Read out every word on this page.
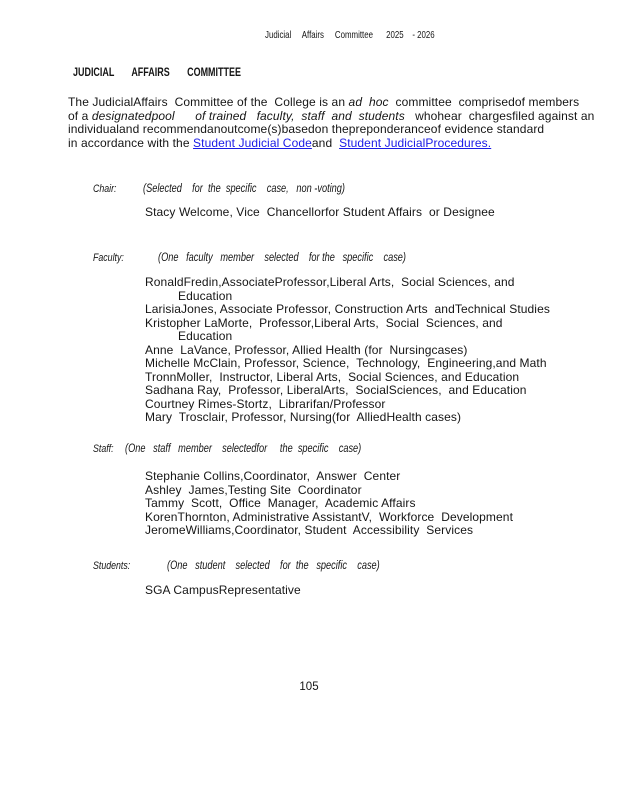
Judicial     Affairs     Committee      2025    - 2026
JUDICIAL       AFFAIRS       COMMITTEE
The JudicialAffairs  Committee of the  College is an ad  hoc  committee  comprisedof members
of a designatedpool      of trained   faculty,  staff  and  students   whohear  chargesfiled against an
individualand recommendanoutcome(s)basedon thepreponderanceof evidence standard
in accordance with the Student Judicial Codeand  Student JudicialProcedures.
Chair: (Selected    for  the  specific    case,   non -voting)
Stacy Welcome, Vice  Chancellorfor Student Affairs  or Designee
Faculty:	(One   faculty   member    selected    for the   specific    case)
RonaldFredin,AssociateProfessor,Liberal Arts,  Social Sciences, and
Education
LarisiaJones, Associate Professor, Construction Arts  andTechnical Studies
Kristopher LaMorte,  Professor,Liberal Arts,  Social  Sciences, and
Education
Anne  LaVance, Professor, Allied Health (for  Nursingcases)
Michelle McClain, Professor, Science,  Technology,  Engineering,and Math
TronnMoller,  Instructor, Liberal Arts,  Social Sciences, and Education
Sadhana Ray,  Professor, LiberalArts,  SocialSciences,  and Education
Courtney Rimes-Stortz,  Librarifan/Professor
Mary  Trosclair, Professor, Nursing(for  AlliedHealth cases)
Staff: (One   staff   member    selectedfor     the  specific    case)
Stephanie Collins,Coordinator,  Answer  Center
Ashley  James,Testing Site  Coordinator
Tammy  Scott,  Office  Manager,  Academic Affairs
KorenThornton, Administrative AssistantV,  Workforce  Development
JeromeWilliams,Coordinator, Student  Accessibility  Services
Students:	(One   student    selected    for  the   specific    case)
SGA CampusRepresentative
105
